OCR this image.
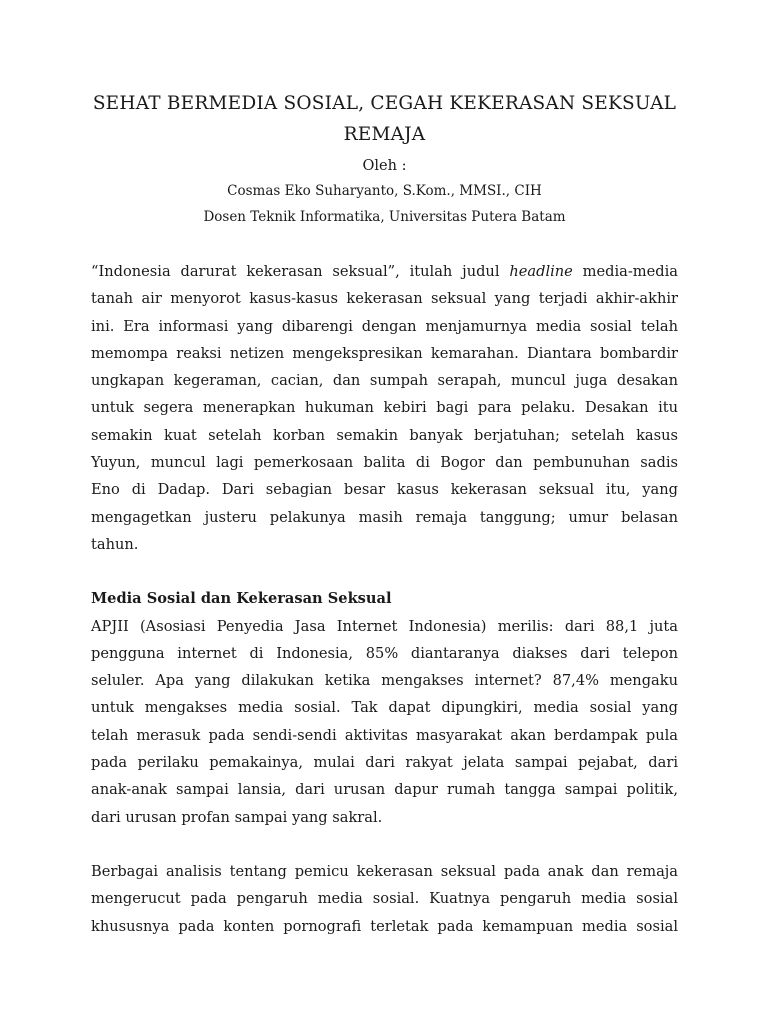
SEHAT BERMEDIA SOSIAL, CEGAH KEKERASAN SEKSUAL
REMAJA

Oleh :

Cosmas Eko Suharyanto, S.Kom., MMSI., CIH

Dosen Teknik Informatika, Universitas Putera Batam

“Indonesia darurat kekerasan seksual”, itulah judul headline media-media
tanah air menyorot kasus-kasus kekerasan seksual yang terjadi akhir-akhir
ini. Era informasi yang dibarengi dengan menjamurnya media sosial telah
memompa reaksi netizen mengekspresikan kemarahan. Diantara bombardir
ungkapan kegeraman, cacian, dan sumpah serapah, muncul juga desakan
untuk segera menerapkan hukuman kebiri bagi para pelaku. Desakan itu
semakin kuat setelah korban semakin banyak berjatuhan; setelah kasus
Yuyun, muncul lagi pemerkosaan balita di Bogor dan pembunuhan sadis
Eno di Dadap. Dari sebagian besar kasus kekerasan seksual itu, yang
mengagetkan justeru pelakunya masih remaja tanggung; umur belasan
tahun.
Media Sosial dan Kekerasan Seksual
APJII (Asosiasi Penyedia Jasa Internet Indonesia) merilis: dari 88,1 juta
pengguna internet di Indonesia, 85% diantaranya diakses dari telepon
seluler. Apa yang dilakukan ketika mengakses internet? 87,4% mengaku
untuk mengakses media sosial. Tak dapat dipungkiri, media sosial yang
telah merasuk pada sendi-sendi aktivitas masyarakat akan berdampak pula
pada perilaku pemakainya, mulai dari rakyat jelata sampai pejabat, dari
anak-anak sampai lansia, dari urusan dapur rumah tangga sampai politik,
dari urusan profan sampai yang sakral.
Berbagai analisis tentang pemicu kekerasan seksual pada anak dan remaja
mengerucut pada pengaruh media sosial. Kuatnya pengaruh media sosial
khususnya pada konten pornografi terletak pada kemampuan media sosial
